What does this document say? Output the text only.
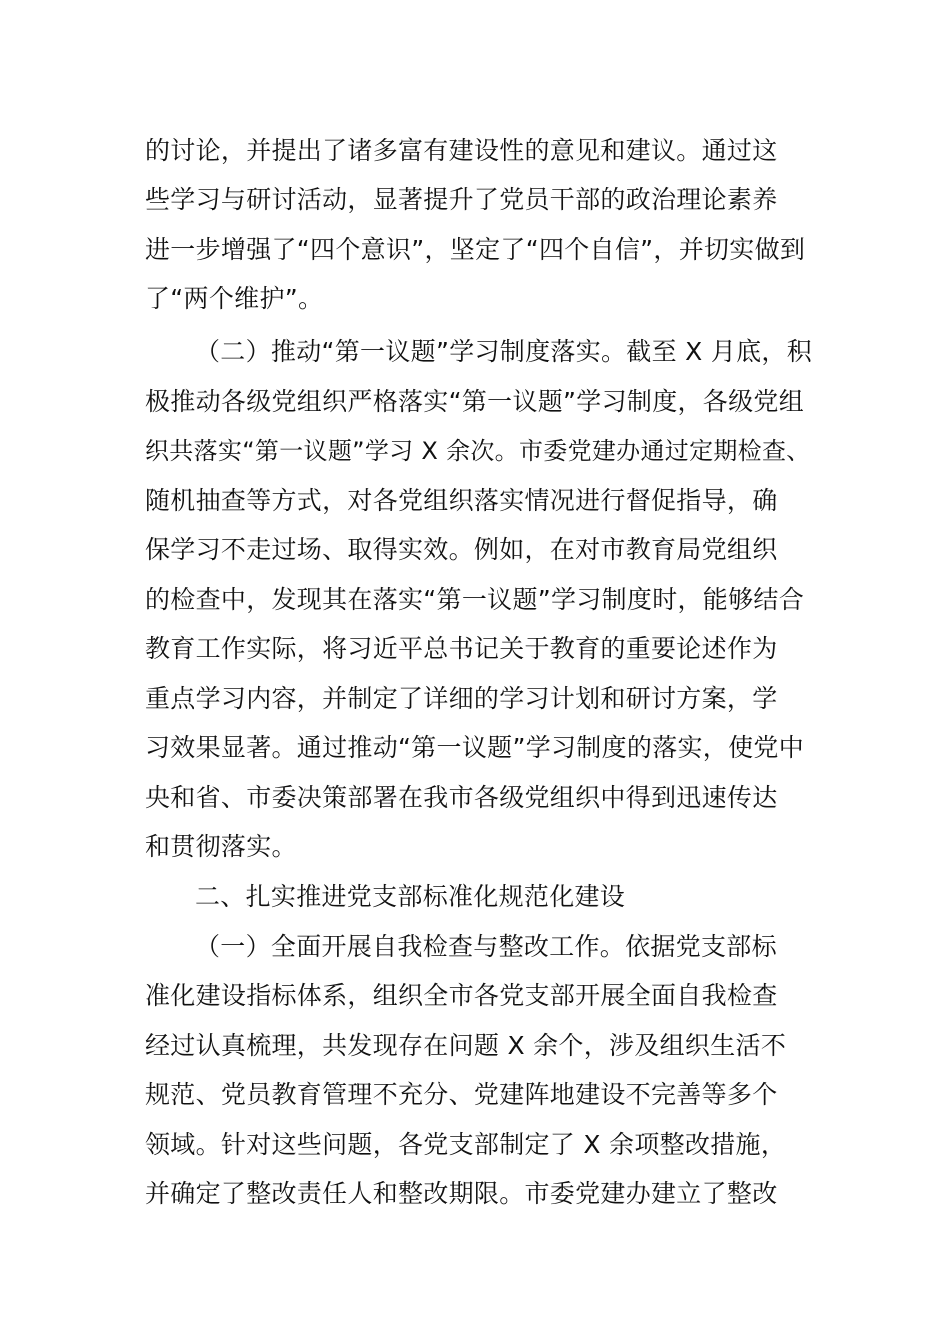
的讨论，并提出了诸多富有建设性的意见和建议。通过这
些学习与研讨活动，显著提升了党员干部的政治理论素养
进一步增强了“四个意识”，坚定了“四个自信”，并切实做到
了“两个维护”。
（二）推动“第一议题”学习制度落实。截至 X 月底，积
极推动各级党组织严格落实“第一议题”学习制度，各级党组
织共落实“第一议题”学习 X 余次。市委党建办通过定期检查、
随机抽查等方式，对各党组织落实情况进行督促指导，确
保学习不走过场、取得实效。例如，在对市教育局党组织
的检查中，发现其在落实“第一议题”学习制度时，能够结合
教育工作实际，将习近平总书记关于教育的重要论述作为
重点学习内容，并制定了详细的学习计划和研讨方案，学
习效果显著。通过推动“第一议题”学习制度的落实，使党中
央和省、市委决策部署在我市各级党组织中得到迅速传达
和贯彻落实。
二、扎实推进党支部标准化规范化建设
（一）全面开展自我检查与整改工作。依据党支部标
准化建设指标体系，组织全市各党支部开展全面自我检查
经过认真梳理，共发现存在问题 X 余个，涉及组织生活不
规范、党员教育管理不充分、党建阵地建设不完善等多个
领域。针对这些问题，各党支部制定了 X 余项整改措施，
并确定了整改责任人和整改期限。市委党建办建立了整改
